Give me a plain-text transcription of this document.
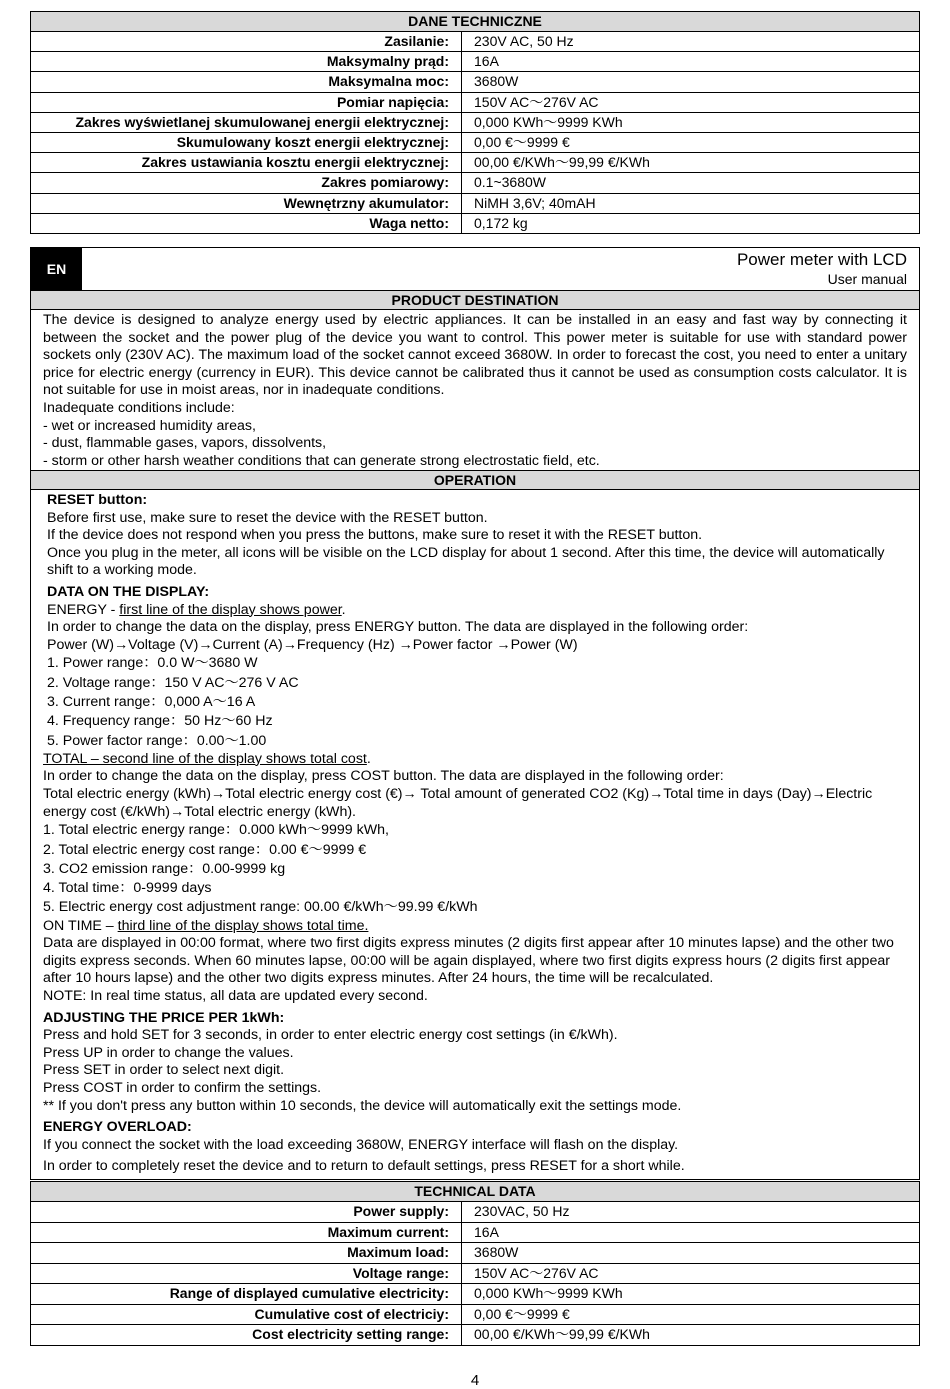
DANE TECHNICZNE
Zasilanie:	230V AC, 50 Hz
Maksymalny prąd:	16A
Maksymalna moc:	3680W
Pomiar napięcia:	150V AC～276V AC
Zakres wyświetlanej skumulowanej energii elektrycznej:	0,000 KWh～9999 KWh
Skumulowany koszt energii elektrycznej:	0,00 €～9999 €
Zakres ustawiania kosztu energii elektrycznej:	00,00 €/KWh～99,99 €/KWh
Zakres pomiarowy:	0.1~3680W
Wewnętrzny akumulator:	NiMH 3,6V; 40mAH
Waga netto:	0,172 kg
EN	Power meter with LCD
User manual
PRODUCT DESTINATION
The device is designed to analyze energy used by electric appliances. It can be installed in an easy and fast way by connecting it between the socket and the power plug of the device you want to control. This power meter is suitable for use with standard power sockets only (230V AC). The maximum load of the socket cannot exceed 3680W. In order to forecast the cost, you need to enter a unitary price for electric energy (currency in EUR). This device cannot be calibrated thus it cannot be used as consumption costs calculator. It is not suitable for use in moist areas, nor in inadequate conditions.
Inadequate conditions include:
- wet or increased humidity areas,
- dust, flammable gases, vapors, dissolvents,
- storm or other harsh weather conditions that can generate strong electrostatic field, etc.
OPERATION

RESET button:

Before first use, make sure to reset the device with the RESET button.

If the device does not respond when you press the buttons, make sure to reset it with the RESET button.

Once you plug in the meter, all icons will be visible on the LCD display for about 1 second. After this time, the device will automatically shift to a working mode.

DATA ON THE DISPLAY:

ENERGY - first line of the display shows power.

In order to change the data on the display, press ENERGY button. The data are displayed in the following order:

Power (W)→Voltage (V)→Current (A)→Frequency (Hz) →Power factor →Power (W)

1. Power range：0.0 W～3680 W

2. Voltage range：150 V AC～276 V AC

3. Current range：0,000 A～16 A

4. Frequency range：50 Hz～60 Hz

5. Power factor range：0.00～1.00

TOTAL – second line of the display shows total cost.

In order to change the data on the display, press COST button. The data are displayed in the following order:

Total electric energy (kWh)→Total electric energy cost (€)→ Total amount of generated CO2 (Kg)→Total time in days (Day)→Electric energy cost (€/kWh)→Total electric energy (kWh).

1. Total electric energy range：0.000 kWh～9999 kWh,

2. Total electric energy cost range：0.00 €～9999 €

3. CO2 emission range：0.00-9999 kg

4. Total time：0-9999 days

5. Electric energy cost adjustment range: 00.00 €/kWh～99.99 €/kWh

ON TIME – third line of the display shows total time.

Data are displayed in 00:00 format, where two first digits express minutes (2 digits first appear after 10 minutes lapse) and the other two digits express seconds. When 60 minutes lapse, 00:00 will be again displayed, where two first digits express hours (2 digits first appear after 10 hours lapse) and the other two digits express minutes. After 24 hours, the time will be recalculated.

NOTE: In real time status, all data are updated every second.

ADJUSTING THE PRICE PER 1kWh:

Press and hold SET for 3 seconds, in order to enter electric energy cost settings (in €/kWh).

Press UP in order to change the values.

Press SET in order to select next digit.

Press COST in order to confirm the settings.

** If you don't press any button within 10 seconds, the device will automatically exit the settings mode.

ENERGY OVERLOAD:

If you connect the socket with the load exceeding 3680W, ENERGY interface will flash on the display.

In order to completely reset the device and to return to default settings, press RESET for a short while.

TECHNICAL DATA
Power supply:	230VAC, 50 Hz
Maximum current:	16A
Maximum load:	3680W
Voltage range:	150V AC～276V AC
Range of displayed cumulative electricity:	0,000 KWh～9999 KWh
Cumulative cost of electriciy:	0,00 €～9999 €
Cost electricity setting range:	00,00 €/KWh～99,99 €/KWh
4
